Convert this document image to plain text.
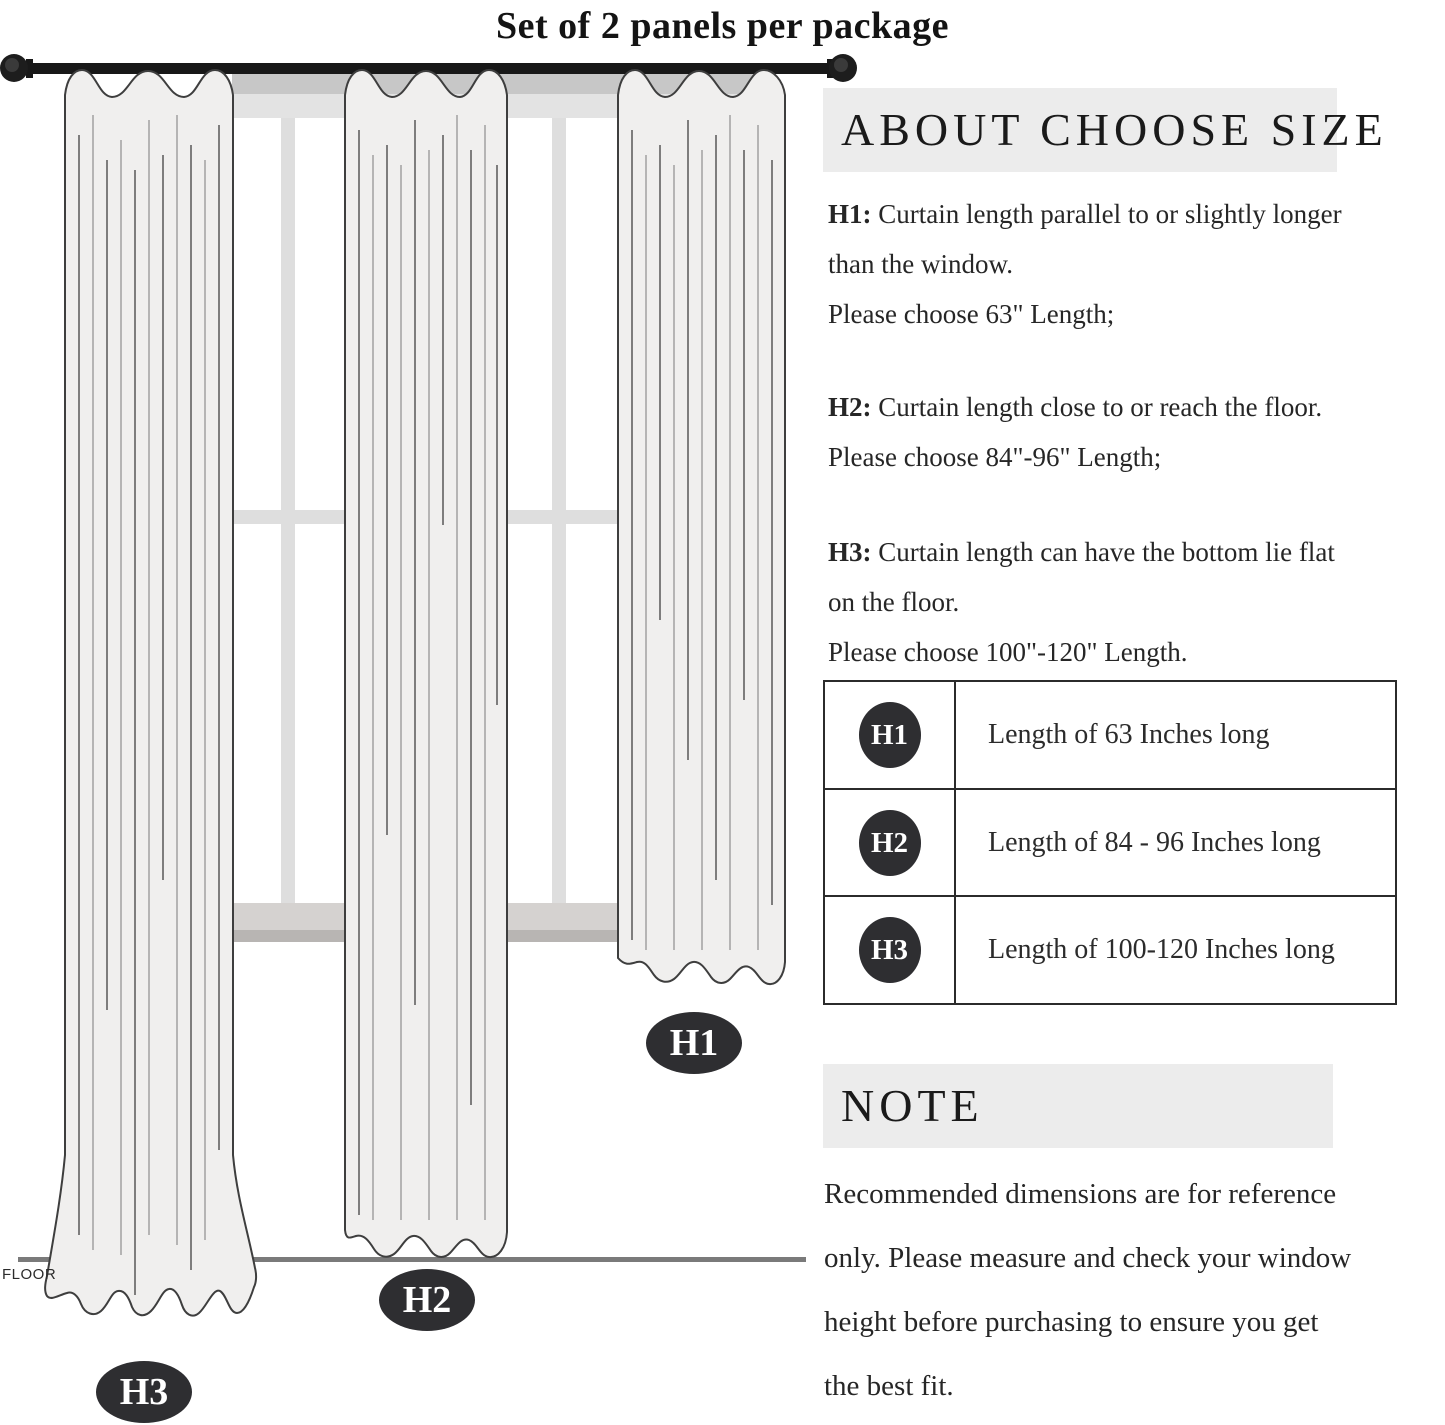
Set of 2 panels per package
FLOOR
H1
H2
H3
ABOUT CHOOSE SIZE
H1: Curtain length parallel to or slightly longer
than the window.
Please choose 63" Length;
H2: Curtain length close to or reach the floor.
Please choose 84"-96" Length;
H3: Curtain length can have the bottom lie flat
on the floor.
Please choose 100"-120" Length.
H1	Length of 63 Inches long
H2	Length of 84 - 96 Inches long
H3	Length of 100-120 Inches long
NOTE
Recommended dimensions are for reference
only. Please measure and check your window
height before purchasing to ensure you get
the best fit.
